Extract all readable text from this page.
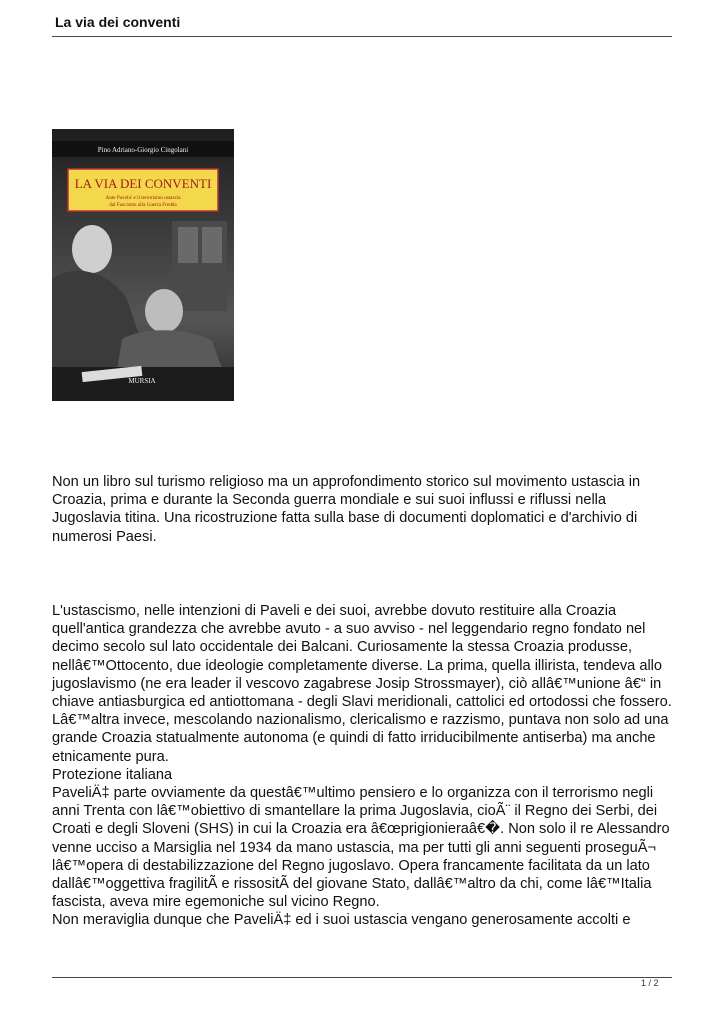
La via dei conventi
Pino Adriano-Giorgio Cingolani
LA VIA DEI CONVENTI
Ante Pavelić e il terrorismo ustascia
dal Fascismo alla Guerra Fredda
MURSIA

Non un libro sul turismo religioso ma un approfondimento storico sul movimento ustascia in
Croazia, prima e durante la Seconda guerra mondiale e sui suoi influssi e riflussi nella
Jugoslavia titina. Una ricostruzione fatta sulla base di documenti doplomatici e d'archivio di
numerosi Paesi.

L'ustascismo, nelle intenzioni di Paveli e dei suoi, avrebbe dovuto restituire alla Croazia
quell'antica grandezza che avrebbe avuto - a suo avviso - nel leggendario regno fondato nel
decimo secolo sul lato occidentale dei Balcani. Curiosamente la stessa Croazia produsse,
nellâ€™Ottocento, due ideologie completamente diverse. La prima, quella illirista, tendeva allo
jugoslavismo (ne era leader il vescovo zagabrese Josip Strossmayer), ciò allâ€™unione â€“ in
chiave antiasburgica ed antiottomana - degli Slavi meridionali, cattolici ed ortodossi che fossero.
Lâ€™altra invece, mescolando nazionalismo, clericalismo e razzismo, puntava non solo ad una
grande Croazia statualmente autonoma (e quindi di fatto irriducibilmente antiserba) ma anche
etnicamente pura.
Protezione italiana
PaveliÄ‡ parte ovviamente da questâ€™ultimo pensiero e lo organizza con il terrorismo negli
anni Trenta con lâ€™obiettivo di smantellare la prima Jugoslavia, cioÃ¨ il Regno dei Serbi, dei
Croati e degli Sloveni (SHS) in cui la Croazia era â€œprigionieraâ€�. Non solo il re Alessandro
venne ucciso a Marsiglia nel 1934 da mano ustascia, ma per tutti gli anni seguenti proseguÃ¬
lâ€™opera di destabilizzazione del Regno jugoslavo. Opera francamente facilitata da un lato
dallâ€™oggettiva fragilitÃ e rissositÃ del giovane Stato, dallâ€™altro da chi, come lâ€™Italia
fascista, aveva mire egemoniche sul vicino Regno.
Non meraviglia dunque che PaveliÄ‡ ed i suoi ustascia vengano generosamente accolti e

1 / 2
